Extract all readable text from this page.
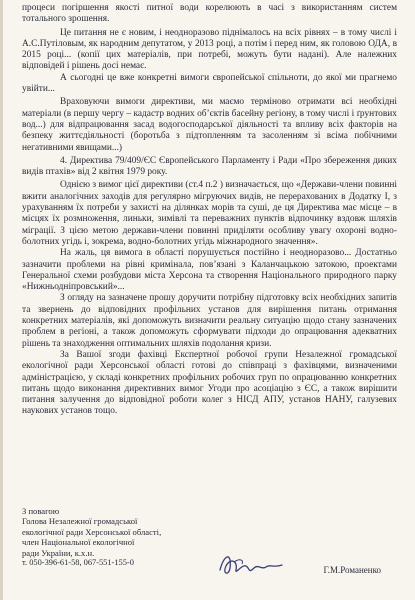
процеси погіршення якості питної води корелюють в часі з використанням систем тотального зрошення.

Це питання не є новим, і неодноразово піднімалось на всіх рівнях – в тому числі і А.С.Путіловым, як народним депутатом, у 2013 році, а потім і перед ним, як головою ОДА, в 2015 році... (копії цих матеріалів, при потребі, можуть бути надані). Але належних відповідей і рішень досі немає.

А сьогодні це вже конкретні вимоги європейської спільноти, до якої ми прагнемо увійти...

Враховуючи вимоги директиви, ми маємо терміново отримати всі необхідні матеріали (в першу чергу – кадастр водних об’єктів басейну регіону, в тому числі і ґрунтових вод...) для відпрацювання засад водогосподарської діяльності та впливу всіх факторів на безпеку життєдіяльності (боротьба з підтопленням та засоленням зі всіма побічними негативними явищами...)

4. Директива 79/409/ЄС Європейського Парламенту і Ради «Про збереження диких видів птахів» від 2 квітня 1979 року.

Однією з вимог цієї директиви (ст.4 п.2 ) визначається, що «Держави-члени повинні вжити аналогічних заходів для регулярно мігруючих видів, не перерахованих в Додатку I, з урахуванням їх потреби у захисті на ділянках морів та суші, де ця Директива має місце – в місцях їх розмноження, линьки, зимівлі та переважних пунктів відпочинку вздовж шляхів міграції. З цією метою держави-члени повинні приділяти особливу увагу охороні водно-болотних угідь і, зокрема, водно-болотних угідь міжнародного значення».

На жаль, ця вимога в області порушується постійно і неодноразово... Достатньо зазначити проблеми на рівні кримінала, пов’язані з Каланчацькою затокою, проектами Генеральної схеми розбудови міста Херсона та створення Національного природного парку «Нижньодніпровський»...

З огляду на зазначене прошу доручити потрібну підготовку всіх необхідних запитів та звернень до відповідних профільних установ для вирішення питань отримання конкретних матеріалів, які допоможуть визначити реальну ситуацію щодо стану зазначених проблем в регіоні, а також допоможуть сформувати підходи до опрацювання адекватних рішень та знаходження оптимальних шляхів подолання кризи.

За Вашої згоди фахівці Експертної робочої групи Незалежної громадської екологічної ради Херсонської області готові до співпраці з фахівцями, визначеними адміністрацією, у складі конкретних профільних робочих груп по опрацюванню конкретних питань щодо виконання директивних вимог Угоди про асоціацію з ЄС, а також вирішити питання залучення до відповідної роботи колег з НІСД АПУ, установ НАНУ, галузевих наукових установ тощо.

З повагою
Голова Незалежної громадської
екологічної ради Херсонської області,
член Національної екологічної
ради України, к.х.н.
т. 050-396-61-58, 067-551-155-0
Г.М.Романенко
